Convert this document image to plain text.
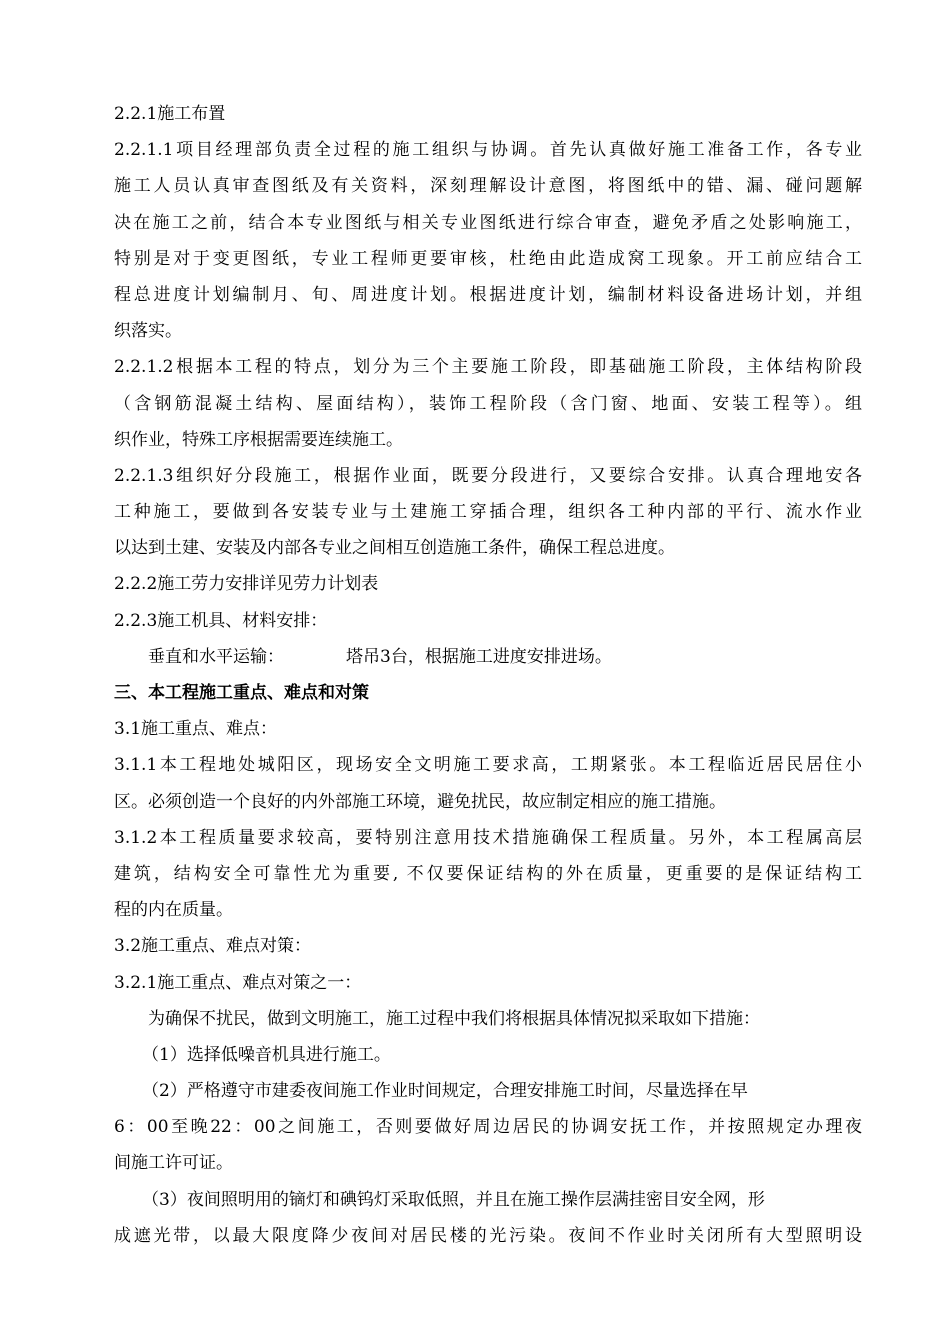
2.2.1施工布置
2.2.1.1项目经理部负责全过程的施工组织与协调。首先认真做好施工准备工作，各专业
施工人员认真审查图纸及有关资料，深刻理解设计意图，将图纸中的错、漏、碰问题解
决在施工之前，结合本专业图纸与相关专业图纸进行综合审查，避免矛盾之处影响施工，
特别是对于变更图纸，专业工程师更要审核，杜绝由此造成窝工现象。开工前应结合工
程总进度计划编制月、旬、周进度计划。根据进度计划，编制材料设备进场计划，并组
织落实。
2.2.1.2根据本工程的特点，划分为三个主要施工阶段，即基础施工阶段，主体结构阶段
（含钢筋混凝土结构、屋面结构），装饰工程阶段（含门窗、地面、安装工程等）。组
织作业，特殊工序根据需要连续施工。
2.2.1.3组织好分段施工，根据作业面，既要分段进行，又要综合安排。认真合理地安各
工种施工，要做到各安装专业与土建施工穿插合理，组织各工种内部的平行、流水作业
以达到土建、安装及内部各专业之间相互创造施工条件，确保工程总进度。
2.2.2施工劳力安排详见劳力计划表
2.2.3施工机具、材料安排：
垂直和水平运输：	塔吊3台，根据施工进度安排进场。
三、本工程施工重点、难点和对策
3.1施工重点、难点：
3.1.1本工程地处城阳区，现场安全文明施工要求高，工期紧张。本工程临近居民居住小
区。必须创造一个良好的内外部施工环境，避免扰民，故应制定相应的施工措施。
3.1.2本工程质量要求较高，要特别注意用技术措施确保工程质量。另外，本工程属高层
建筑，结构安全可靠性尤为重要, 不仅要保证结构的外在质量，更重要的是保证结构工
程的内在质量。
3.2施工重点、难点对策：
3.2.1施工重点、难点对策之一：
为确保不扰民，做到文明施工，施工过程中我们将根据具体情况拟采取如下措施：
（1）选择低噪音机具进行施工。
（2）严格遵守市建委夜间施工作业时间规定，合理安排施工时间，尽量选择在早
6：00至晚22：00之间施工，否则要做好周边居民的协调安抚工作，并按照规定办理夜
间施工许可证。
（3）夜间照明用的镝灯和碘钨灯采取低照，并且在施工操作层满挂密目安全网，形
成遮光带，以最大限度降少夜间对居民楼的光污染。夜间不作业时关闭所有大型照明设
